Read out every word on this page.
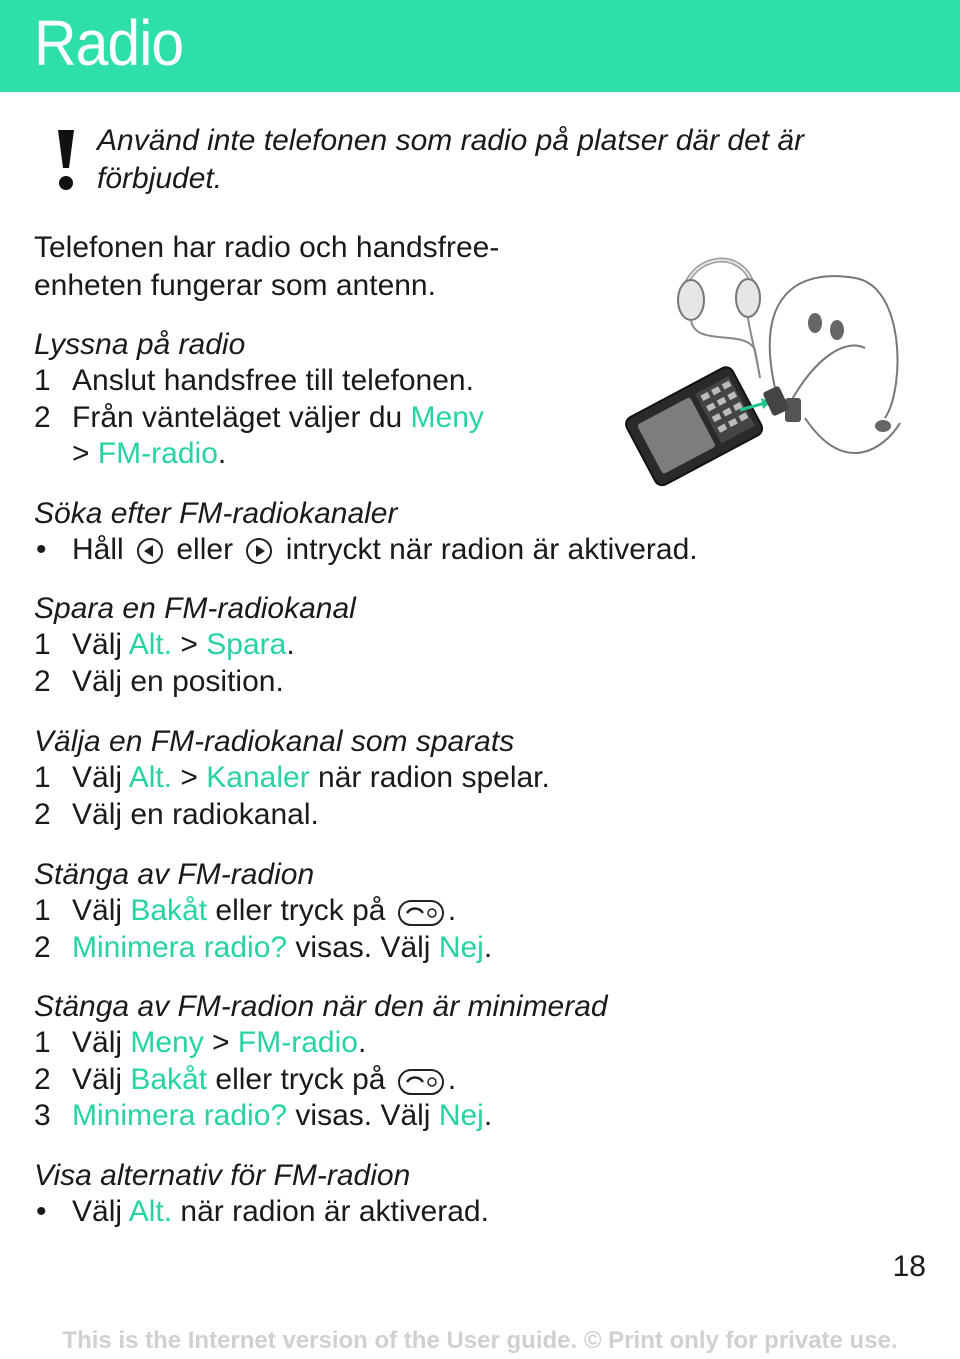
Radio
Använd inte telefonen som radio på platser där det är förbjudet.
Telefonen har radio och handsfree-enheten fungerar som antenn.
Lyssna på radio
1 Anslut handsfree till telefonen.
2 Från vänteläget väljer du Meny
> FM-radio.
Söka efter FM-radiokanaler
• Håll eller intryckt när radion är aktiverad.
Spara en FM-radiokanal
1 Välj Alt. > Spara.
2 Välj en position.
Välja en FM-radiokanal som sparats
1 Välj Alt. > Kanaler när radion spelar.
2 Välj en radiokanal.
Stänga av FM-radion
1 Välj Bakåt eller tryck på .
2 Minimera radio? visas. Välj Nej.
Stänga av FM-radion när den är minimerad
1 Välj Meny > FM-radio.
2 Välj Bakåt eller tryck på .
3 Minimera radio? visas. Välj Nej.
Visa alternativ för FM-radion
• Välj Alt. när radion är aktiverad.
18
This is the Internet version of the User guide. © Print only for private use.
